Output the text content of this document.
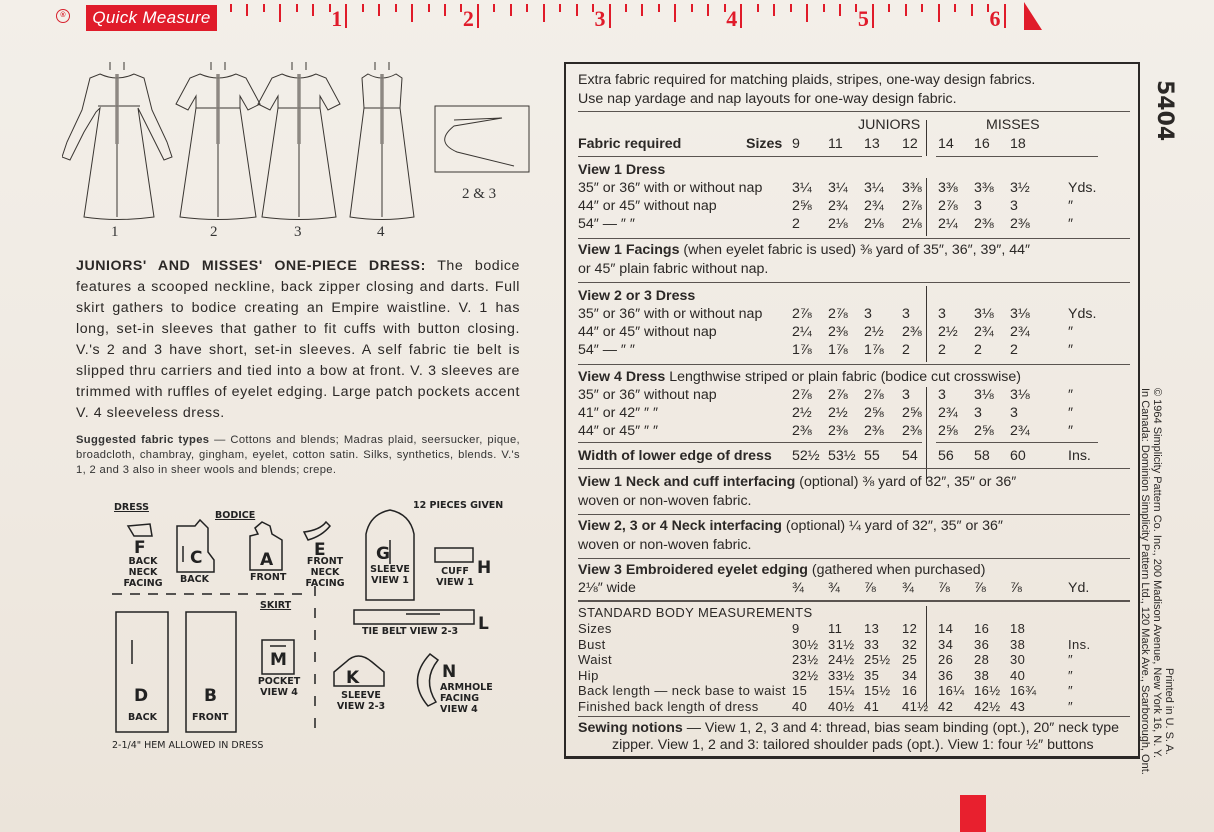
®	Quick Measure	1	2	3	4	5	6
1	2	3	4
2 & 3

JUNIORS' AND MISSES' ONE-PIECE DRESS: The bodice features a scooped neckline, back zipper closing and darts. Full skirt gathers to bodice creating an Empire waistline. V. 1 has long, set-in sleeves that gather to fit cuffs with button closing. V.'s 2 and 3 have short, set-in sleeves. A self fabric tie belt is slipped thru carriers and tied into a bow at front. V. 3 sleeves are trimmed with ruffles of eyelet edging. Large patch pockets accent V. 4 sleeveless dress.

Suggested fabric types — Cottons and blends; Madras plaid, seersucker, pique, broadcloth, chambray, gingham, eyelet, cotton satin. Silks, synthetics, blends. V.'s 1, 2 and 3 also in sheer wools and blends; crepe.

DRESS
BODICE
12 PIECES GIVEN
SKIRT
F
BACK NECK FACING
C
BACK
A
FRONT
E
FRONT NECK FACING
G
SLEEVE VIEW 1
H
CUFF VIEW 1
D
BACK
B
FRONT
M
POCKET VIEW 4
L
TIE BELT VIEW 2-3
K
SLEEVE VIEW 2-3
N
ARMHOLE FACING VIEW 4
2-1/4" HEM ALLOWED IN DRESS
Extra fabric required for matching plaids, stripes, one-way design fabrics.
Use nap yardage and nap layouts for one-way design fabric.
JUNIORS	MISSES
Fabric required	Sizes 9 11 13 12 14 16 18
View 1 Dress
35″ or 36″ with or without nap 3¼ 3¼ 3¼ 3⅜ 3⅜ 3⅜ 3½	Yds.
44″ or 45″ without nap	2⅝ 2¾ 2¾ 2⅞ 2⅞ 3 3	″
54″ — ″ ″	2 2⅛ 2⅛ 2⅛ 2¼ 2⅜ 2⅜	″
View 1 Facings (when eyelet fabric is used) ⅜ yard of 35″, 36″, 39″, 44″
or 45″ plain fabric without nap.
View 2 or 3 Dress
35″ or 36″ with or without nap 2⅞ 2⅞ 3 3 3 3⅛ 3⅛	Yds.
44″ or 45″ without nap	2¼ 2⅜ 2½ 2⅜ 2½ 2¾ 2¾	″
54″ — ″ ″	1⅞ 1⅞ 1⅞ 2 2 2 2	″
View 4 Dress Lengthwise striped or plain fabric (bodice cut crosswise)
35″ or 36″ without nap	2⅞ 2⅞ 2⅞ 3 3 3⅛ 3⅛	″
41″ or 42″ ″ ″	2½ 2½ 2⅝ 2⅝ 2¾ 3 3	″
44″ or 45″ ″ ″	2⅜ 2⅜ 2⅜ 2⅜ 2⅝ 2⅝ 2¾	″
Width of lower edge of dress 52½ 53½ 55 54 56 58 60	Ins.
View 1 Neck and cuff interfacing (optional) ⅜ yard of 32″, 35″ or 36″
woven or non-woven fabric.
View 2, 3 or 4 Neck interfacing (optional) ¼ yard of 32″, 35″ or 36″
woven or non-woven fabric.
View 3 Embroidered eyelet edging (gathered when purchased)
2⅛″ wide	¾ ¾ ⅞ ¾ ⅞ ⅞ ⅞	Yd.
STANDARD BODY MEASUREMENTS
Sizes	9 11 13 12 14 16 18
Bust	30½ 31½ 33 32 34 36 38	Ins.
Waist	23½ 24½ 25½ 25 26 28 30	″
Hip	32½ 33½ 35 34 36 38 40	″
Back length — neck base to waist 15 15¼ 15½ 16 16¼ 16½ 16¾ ″
Finished back length of dress	40 40½ 41 41½ 42 42½ 43	″
Sewing notions — View 1, 2, 3 and 4: thread, bias seam binding (opt.), 20″ neck type
zipper. View 1, 2 and 3: tailored shoulder pads (opt.). View 1: four ½″ buttons
5404
© 1964 Simplicity Pattern Co. Inc., 200 Madison Avenue, New York 16, N. Y.
In Canada: Dominion Simplicity Pattern Ltd., 120 Mack Ave., Scarborough, Ont. Printed in U. S. A.
